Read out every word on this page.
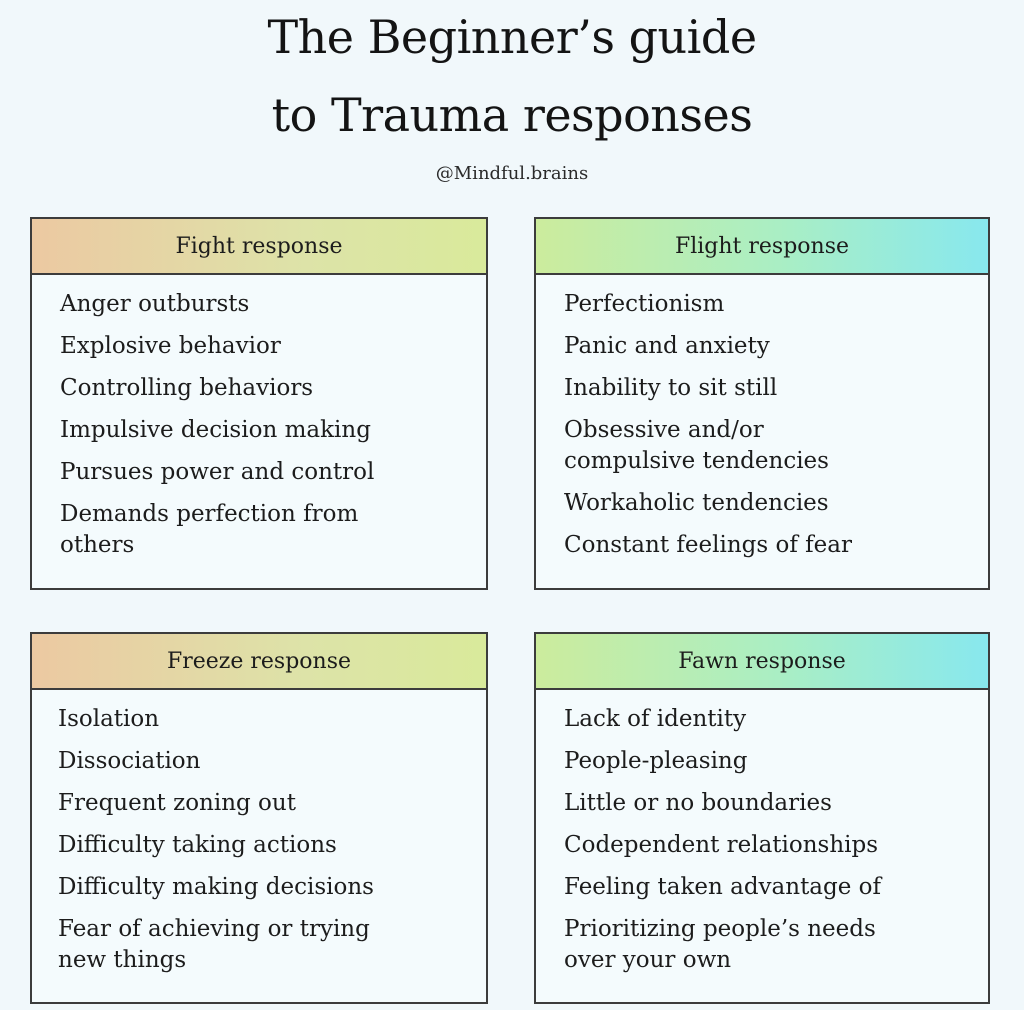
The Beginner’s guide
to Trauma responses
@Mindful.brains
Fight response
Anger outbursts
Explosive behavior
Controlling behaviors
Impulsive decision making
Pursues power and control
Demands perfection from others
Flight response
Perfectionism
Panic and anxiety
Inability to sit still
Obsessive and/or compulsive tendencies
Workaholic tendencies
Constant feelings of fear
Freeze response
Isolation
Dissociation
Frequent zoning out
Difficulty taking actions
Difficulty making decisions
Fear of achieving or trying new things
Fawn response
Lack of identity
People-pleasing
Little or no boundaries
Codependent relationships
Feeling taken advantage of
Prioritizing people’s needs over your own
